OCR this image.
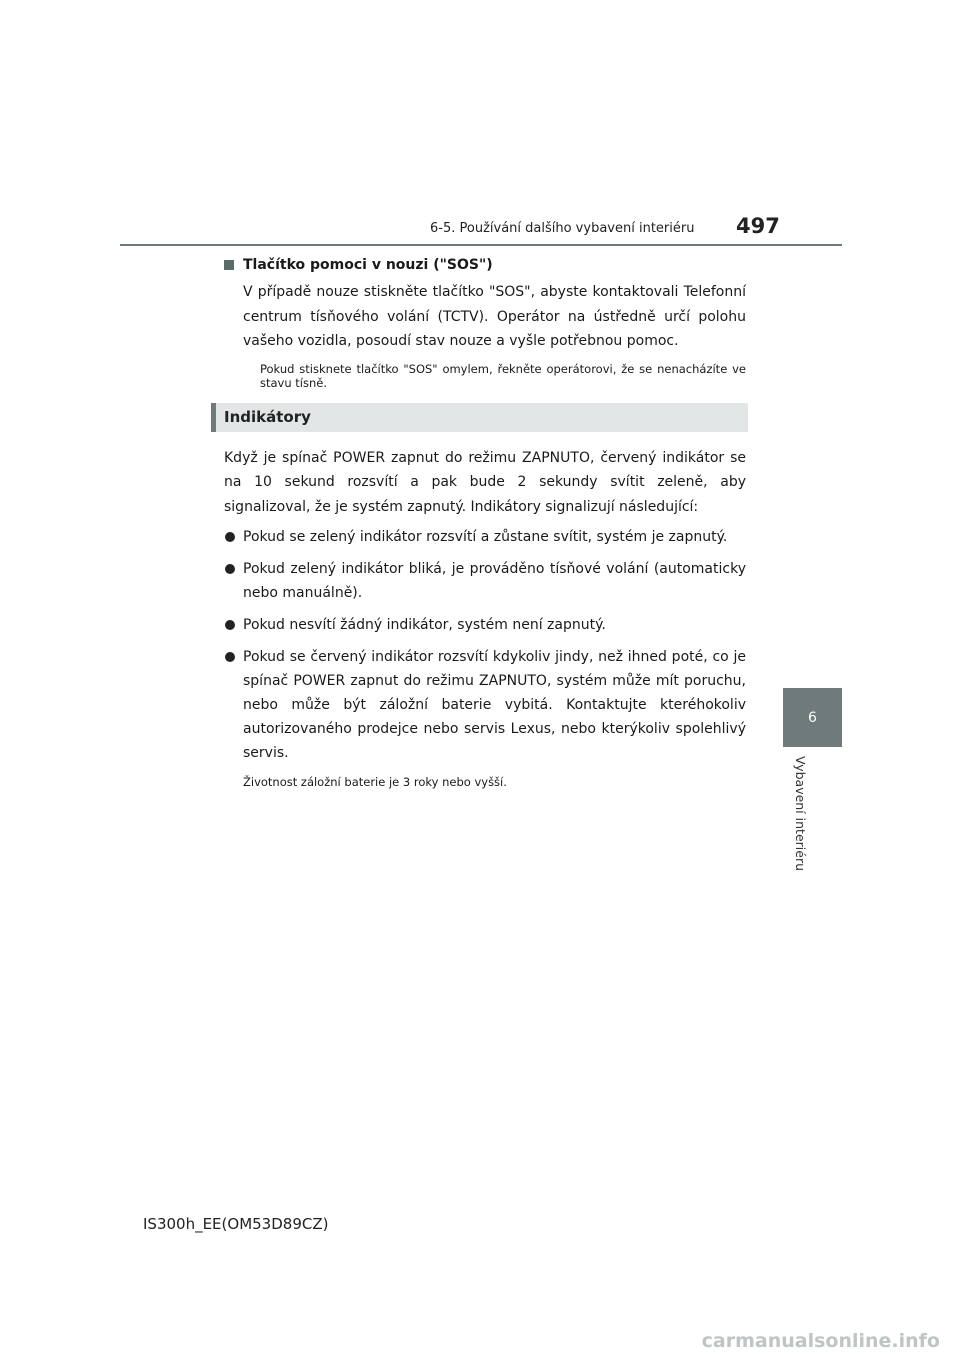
6-5. Používání dalšího vybavení interiéru 497
6
Vybavení interiéru
Tlačítko pomoci v nouzi ("SOS")
V případě nouze stiskněte tlačítko "SOS", abyste kontaktovali Telefonní centrum tísňového volání (TCTV). Operátor na ústředně určí polohu vašeho vozidla, posoudí stav nouze a vyšle potřebnou pomoc.
Pokud stisknete tlačítko "SOS" omylem, řekněte operátorovi, že se nenacházíte ve stavu tísně.
Indikátory
Když je spínač POWER zapnut do režimu ZAPNUTO, červený indikátor se na 10 sekund rozsvítí a pak bude 2 sekundy svítit zeleně, aby signalizoval, že je systém zapnutý. Indikátory signalizují následující:
Pokud se zelený indikátor rozsvítí a zůstane svítit, systém je zapnutý.
Pokud zelený indikátor bliká, je prováděno tísňové volání (automaticky nebo manuálně).
Pokud nesvítí žádný indikátor, systém není zapnutý.
Pokud se červený indikátor rozsvítí kdykoliv jindy, než ihned poté, co je spínač POWER zapnut do režimu ZAPNUTO, systém může mít poruchu, nebo může být záložní baterie vybitá. Kontaktujte kteréhokoliv autorizovaného prodejce nebo servis Lexus, nebo kterýkoliv spolehlivý servis.
Životnost záložní baterie je 3 roky nebo vyšší.
IS300h_EE(OM53D89CZ)
carmanualsonline.info
